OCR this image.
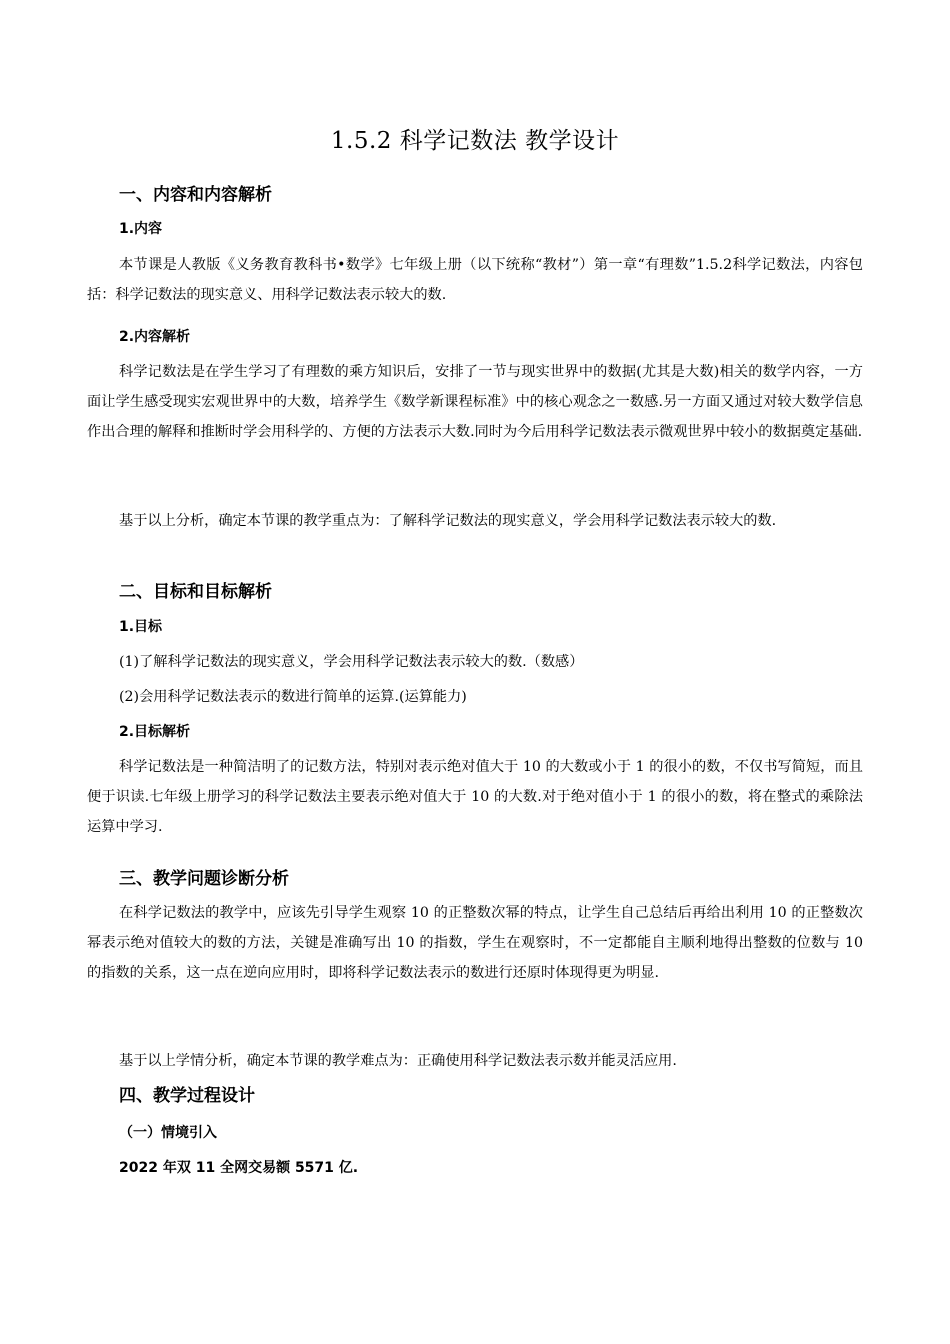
1.5.2 科学记数法 教学设计
一、内容和内容解析
1.内容
本节课是人教版《义务教育教科书•数学》七年级上册（以下统称“教材”）第一章“有理数”1.5.2科学记数法，内容包括：科学记数法的现实意义、用科学记数法表示较大的数.
2.内容解析
科学记数法是在学生学习了有理数的乘方知识后，安排了一节与现实世界中的数据(尤其是大数)相关的数学内容，一方面让学生感受现实宏观世界中的大数，培养学生《数学新课程标准》中的核心观念之一数感.另一方面又通过对较大数学信息作出合理的解释和推断时学会用科学的、方便的方法表示大数.同时为今后用科学记数法表示微观世界中较小的数据奠定基础.
基于以上分析，确定本节课的教学重点为：了解科学记数法的现实意义，学会用科学记数法表示较大的数.
二、目标和目标解析
1.目标
(1)了解科学记数法的现实意义，学会用科学记数法表示较大的数.（数感）
(2)会用科学记数法表示的数进行简单的运算.(运算能力)
2.目标解析
科学记数法是一种简洁明了的记数方法，特别对表示绝对值大于 10 的大数或小于 1 的很小的数，不仅书写简短，而且便于识读.七年级上册学习的科学记数法主要表示绝对值大于 10 的大数.对于绝对值小于 1 的很小的数，将在整式的乘除法运算中学习.
三、教学问题诊断分析
在科学记数法的教学中，应该先引导学生观察 10 的正整数次幂的特点，让学生自己总结后再给出利用 10 的正整数次幂表示绝对值较大的数的方法，关键是准确写出 10 的指数，学生在观察时，不一定都能自主顺利地得出整数的位数与 10 的指数的关系，这一点在逆向应用时，即将科学记数法表示的数进行还原时体现得更为明显.
基于以上学情分析，确定本节课的教学难点为：正确使用科学记数法表示数并能灵活应用.
四、教学过程设计
（一）情境引入
2022 年双 11 全网交易额 5571 亿.
